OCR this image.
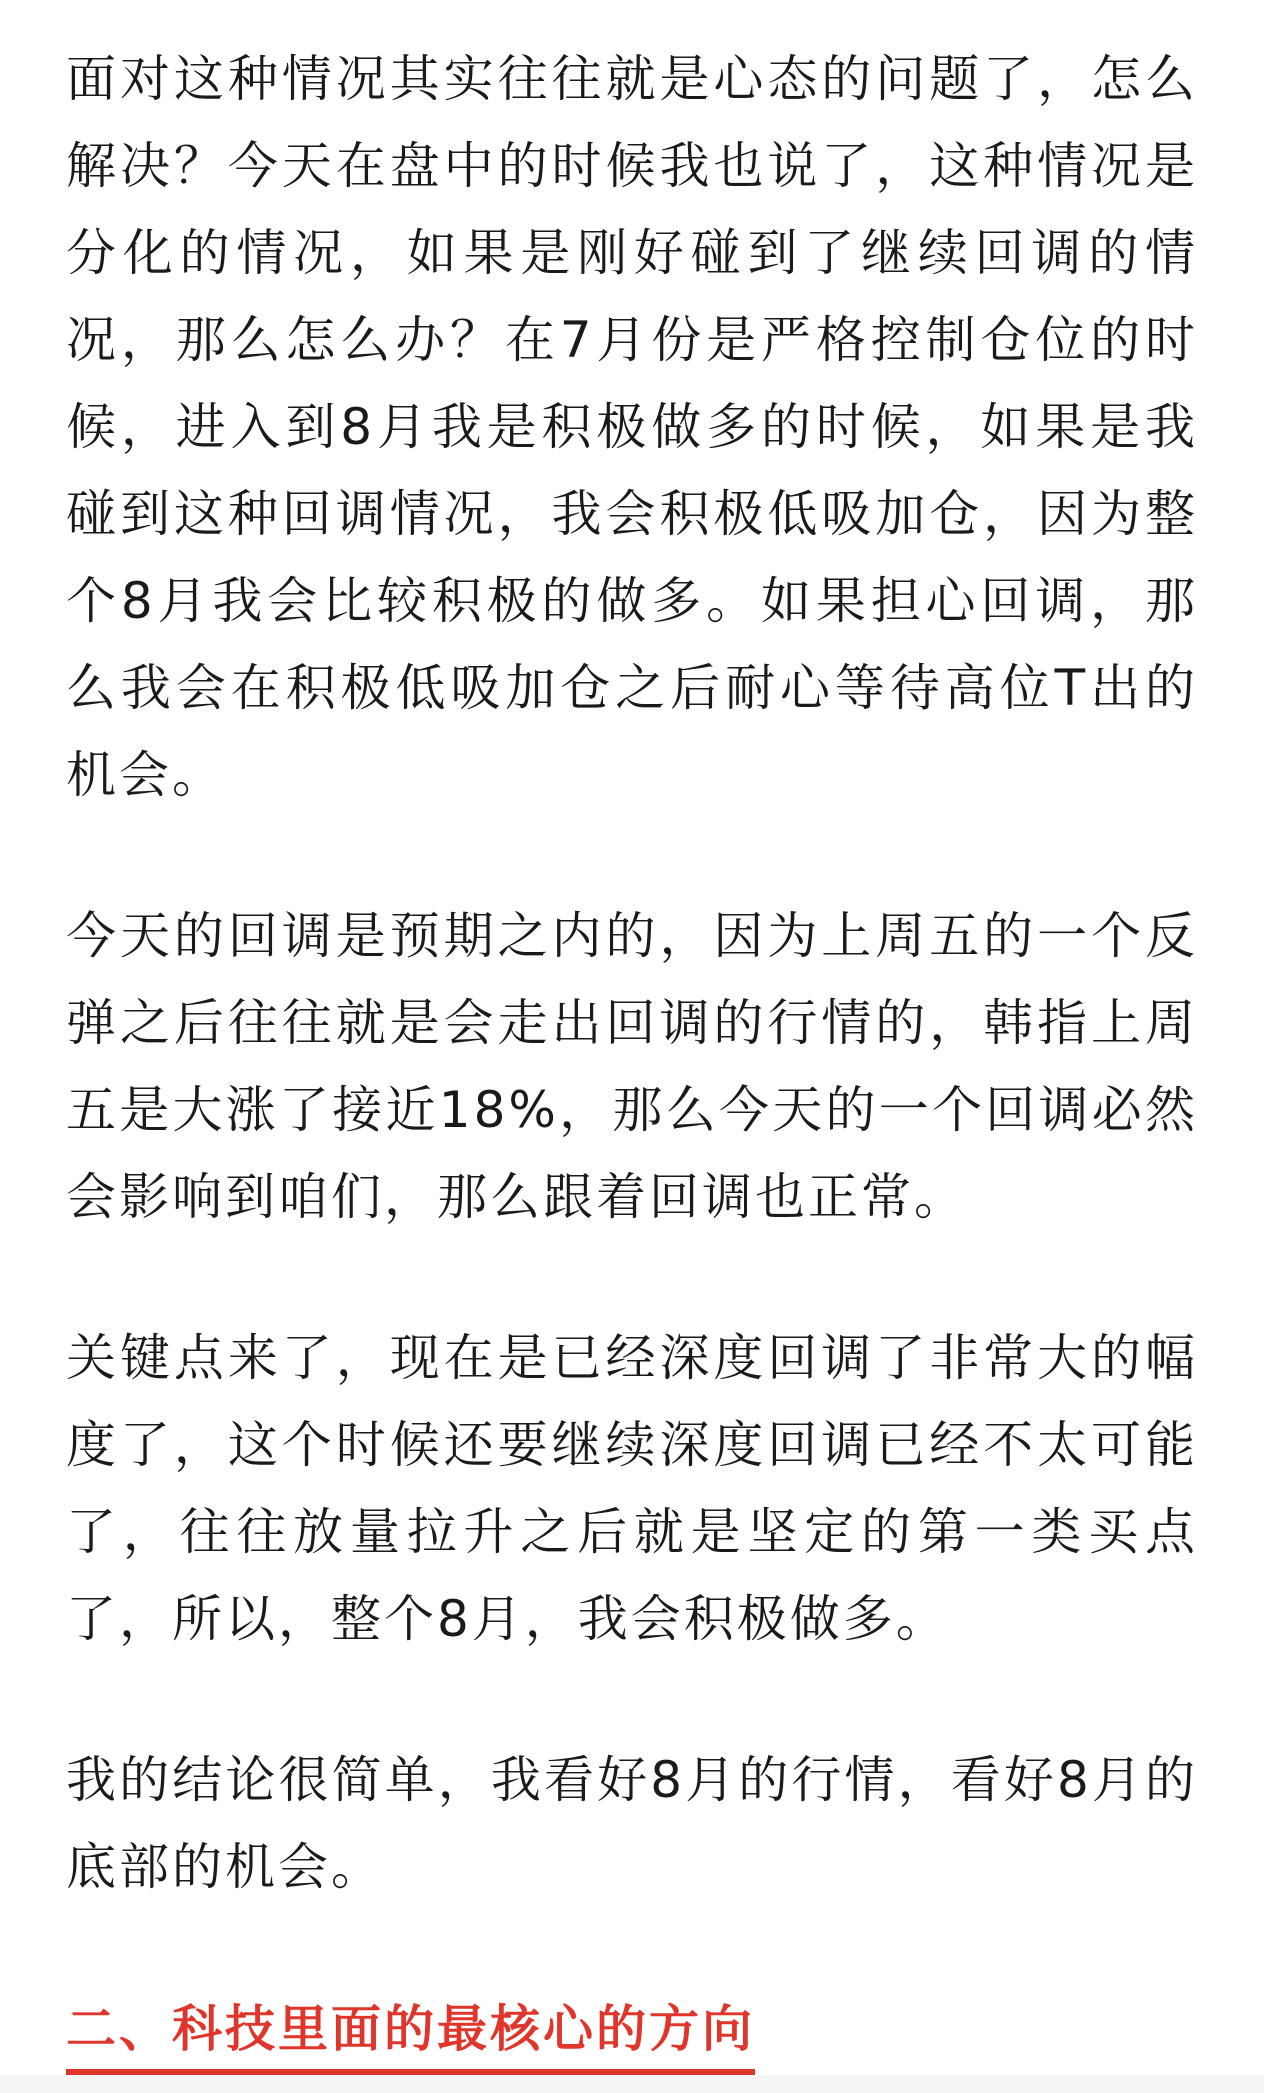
面对这种情况其实往往就是心态的问题了，怎么解决？今天在盘中的时候我也说了，这种情况是分化的情况，如果是刚好碰到了继续回调的情况，那么怎么办？在7月份是严格控制仓位的时候，进入到8月我是积极做多的时候，如果是我碰到这种回调情况，我会积极低吸加仓，因为整个8月我会比较积极的做多。如果担心回调，那么我会在积极低吸加仓之后耐心等待高位T出的机会。

今天的回调是预期之内的，因为上周五的一个反弹之后往往就是会走出回调的行情的，韩指上周五是大涨了接近18%，那么今天的一个回调必然会影响到咱们，那么跟着回调也正常。

关键点来了，现在是已经深度回调了非常大的幅度了，这个时候还要继续深度回调已经不太可能了，往往放量拉升之后就是坚定的第一类买点了，所以，整个8月，我会积极做多。

我的结论很简单，我看好8月的行情，看好8月的底部的机会。

二、科技里面的最核心的方向
